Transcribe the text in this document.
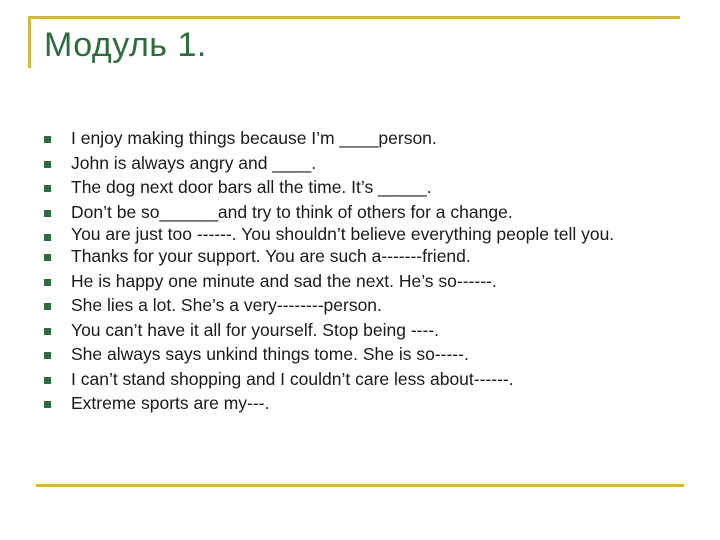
Модуль 1.
I enjoy making things because I’m ____person.
John is always angry and ____.
The dog next door bars all the time. It’s _____.
Don’t be so______and try to think of others for a change.
You are just too ------. You shouldn’t believe everything people tell you.
Thanks for your support. You are such a-------friend.
He is happy one minute and sad the next. He’s so------.
She lies a lot. She’s a very--------person.
You can’t have it all for yourself. Stop being ----.
She always says unkind things tome. She is so-----.
I can’t stand shopping and I couldn’t care less about------.
Extreme sports are my---.
